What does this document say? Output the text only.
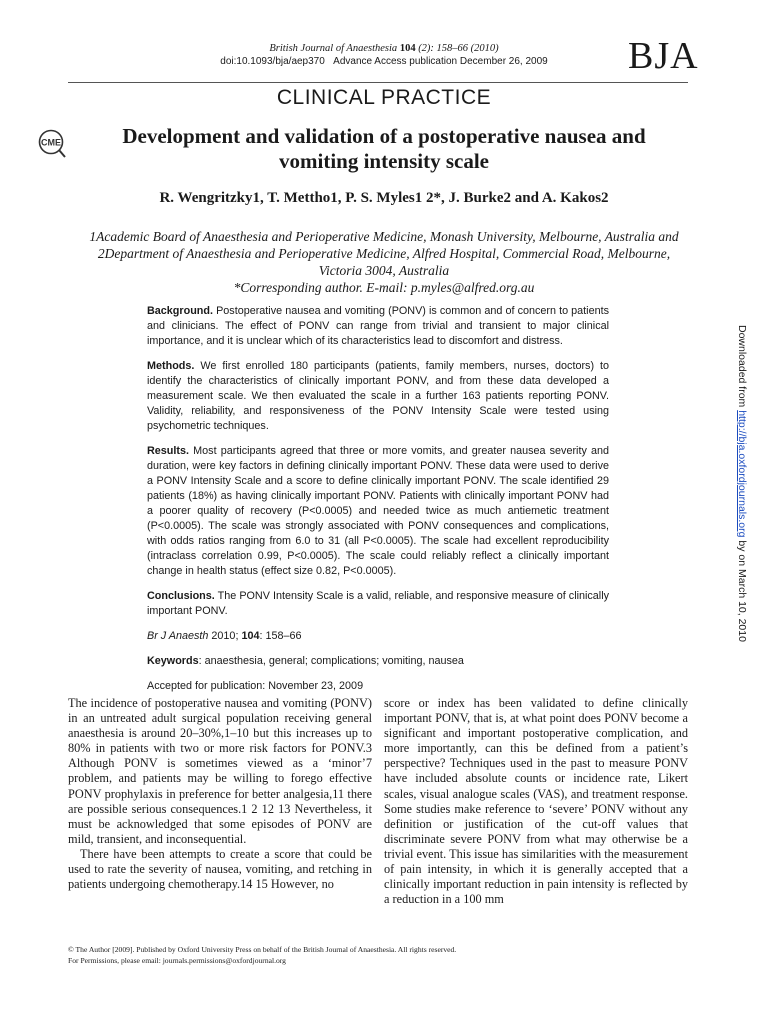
British Journal of Anaesthesia 104 (2): 158–66 (2010)
doi:10.1093/bja/aep370 Advance Access publication December 26, 2009	BJA
CLINICAL PRACTICE
CME	Development and validation of a postoperative nausea and vomiting intensity scale
R. Wengritzky1, T. Mettho1, P. S. Myles1 2*, J. Burke2 and A. Kakos2
1Academic Board of Anaesthesia and Perioperative Medicine, Monash University, Melbourne, Australia and
2Department of Anaesthesia and Perioperative Medicine, Alfred Hospital, Commercial Road, Melbourne,
Victoria 3004, Australia
*Corresponding author. E-mail: p.myles@alfred.org.au

Background. Postoperative nausea and vomiting (PONV) is common and of concern to patients and clinicians. The effect of PONV can range from trivial and transient to major clinical importance, and it is unclear which of its characteristics lead to discomfort and distress.

Methods. We first enrolled 180 participants (patients, family members, nurses, doctors) to identify the characteristics of clinically important PONV, and from these data developed a measurement scale. We then evaluated the scale in a further 163 patients reporting PONV. Validity, reliability, and responsiveness of the PONV Intensity Scale were tested using psychometric techniques.

Results. Most participants agreed that three or more vomits, and greater nausea severity and duration, were key factors in defining clinically important PONV. These data were used to derive a PONV Intensity Scale and a score to define clinically important PONV. The scale identified 29 patients (18%) as having clinically important PONV. Patients with clinically important PONV had a poorer quality of recovery (P<0.0005) and needed twice as much antiemetic treatment (P<0.0005). The scale was strongly associated with PONV consequences and complications, with odds ratios ranging from 6.0 to 31 (all P<0.0005). The scale had excellent reproducibility (intraclass correlation 0.99, P<0.0005). The scale could reliably reflect a clinically important change in health status (effect size 0.82, P<0.0005).

Conclusions. The PONV Intensity Scale is a valid, reliable, and responsive measure of clinically important PONV.

Br J Anaesth 2010; 104: 158–66

Keywords: anaesthesia, general; complications; vomiting, nausea

Accepted for publication: November 23, 2009

Downloaded from http://bja.oxfordjournals.org by on March 10, 2010

The incidence of postoperative nausea and vomiting (PONV) in an untreated adult surgical population receiving general anaesthesia is around 20–30%,1–10 but this increases up to 80% in patients with two or more risk factors for PONV.3 Although PONV is sometimes viewed as a ‘minor’7 problem, and patients may be willing to forego effective PONV prophylaxis in preference for better analgesia,11 there are possible serious consequences.1 2 12 13 Nevertheless, it must be acknowledged that some episodes of PONV are mild, transient, and inconsequential.

There have been attempts to create a score that could be used to rate the severity of nausea, vomiting, and retching in patients undergoing chemotherapy.14 15 However, no

score or index has been validated to define clinically important PONV, that is, at what point does PONV become a significant and important postoperative complication, and more importantly, can this be defined from a patient’s perspective? Techniques used in the past to measure PONV have included absolute counts or incidence rate, Likert scales, visual analogue scales (VAS), and treatment response. Some studies make reference to ‘severe’ PONV without any definition or justification of the cut-off values that discriminate severe PONV from what may otherwise be a trivial event. This issue has similarities with the measurement of pain intensity, in which it is generally accepted that a clinically important reduction in pain intensity is reflected by a reduction in a 100 mm

© The Author [2009]. Published by Oxford University Press on behalf of the British Journal of Anaesthesia. All rights reserved.
For Permissions, please email: journals.permissions@oxfordjournal.org
